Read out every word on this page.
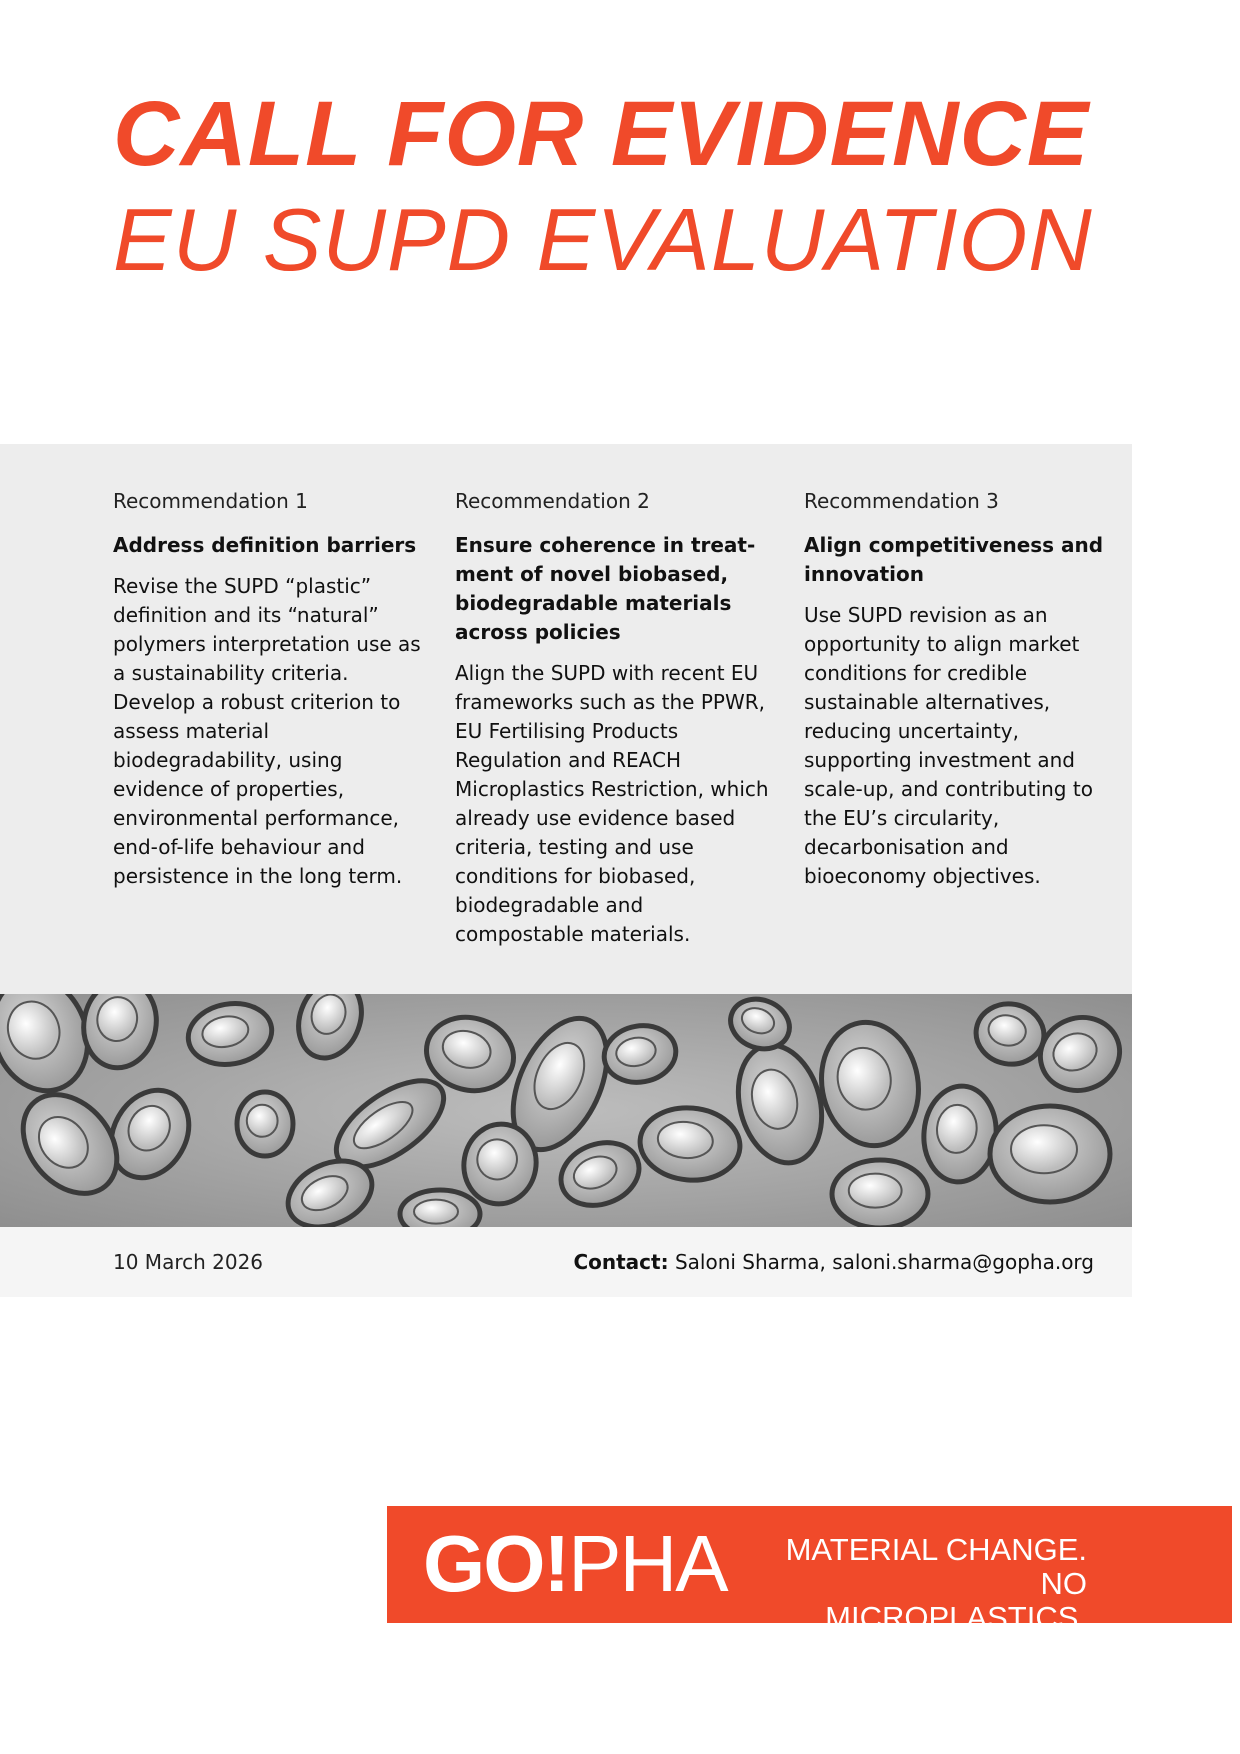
CALL FOR EVIDENCE
EU SUPD EVALUATION
Recommendation 1
Address definition barriers
Revise the SUPD “plastic” definition and its “natural” polymers interpretation use as a sustainability criteria. Develop a robust criterion to assess material biodegradability, using evidence of properties, environmental performance, end-of-life behaviour and persistence in the long term.
Recommendation 2
Ensure coherence in treat-ment of novel biobased, biodegradable materials across policies
Align the SUPD with recent EU frameworks such as the PPWR, EU Fertilising Products Regulation and REACH Microplastics Restriction, which already use evidence based criteria, testing and use conditions for biobased, biodegradable and compostable materials.
Recommendation 3
Align competitiveness and innovation
Use SUPD revision as an opportunity to align market conditions for credible sustainable alternatives, reducing uncertainty, supporting investment and scale-up, and contributing to the EU’s circularity, decarbonisation and bioeconomy objectives.
10 March 2026	Contact: Saloni Sharma, saloni.sharma@gopha.org
GO!PHA MATERIAL CHANGE.
NO MICROPLASTICS.
